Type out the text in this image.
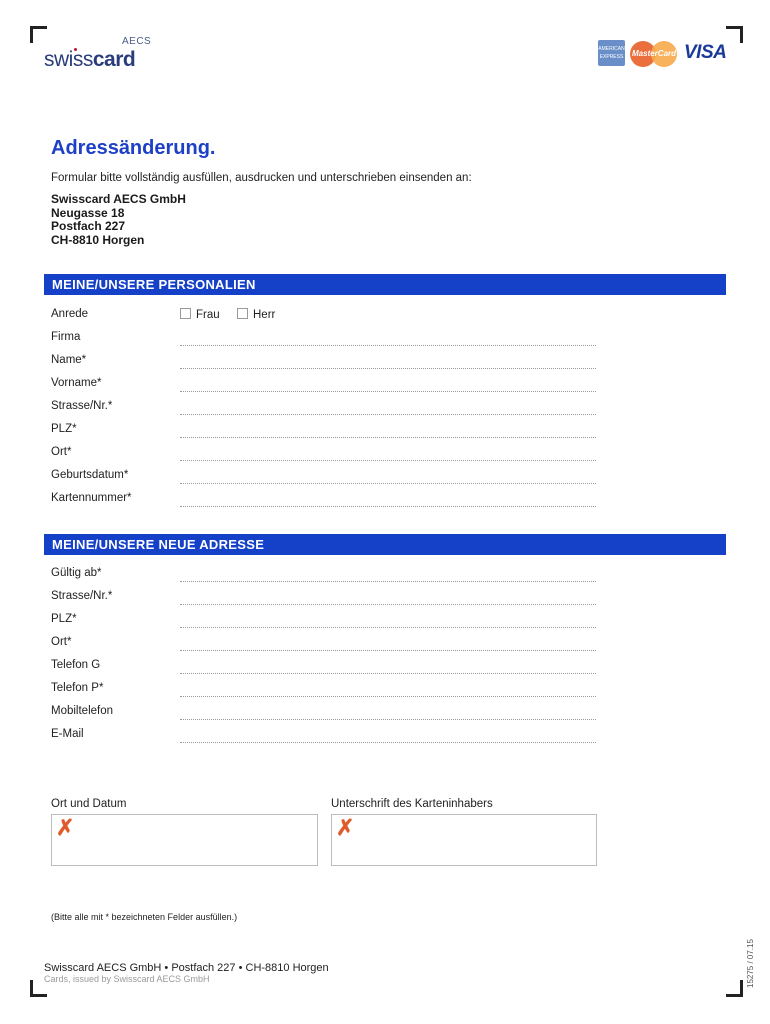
AECS
swisscard	AMERICAN EXPRESS MasterCard VISA
Adressänderung.
Formular bitte vollständig ausfüllen, ausdrucken und unterschrieben einsenden an:
Swisscard AECS GmbH
Neugasse 18
Postfach 227
CH-8810 Horgen
MEINE/UNSERE PERSONALIEN
Anrede	Frau	Herr
Firma
Name*
Vorname*
Strasse/Nr.*
PLZ*
Ort*
Geburtsdatum*
Kartennummer*
MEINE/UNSERE NEUE ADRESSE
Gültig ab*
Strasse/Nr.*
PLZ*
Ort*
Telefon G
Telefon P*
Mobiltelefon
E-Mail
Ort und Datum	Unterschrift des Karteninhabers
✗	✗
(Bitte alle mit * bezeichneten Felder ausfüllen.)
Swisscard AECS GmbH • Postfach 227 • CH-8810 Horgen
Cards, issued by Swisscard AECS GmbH	15275 / 07.15
